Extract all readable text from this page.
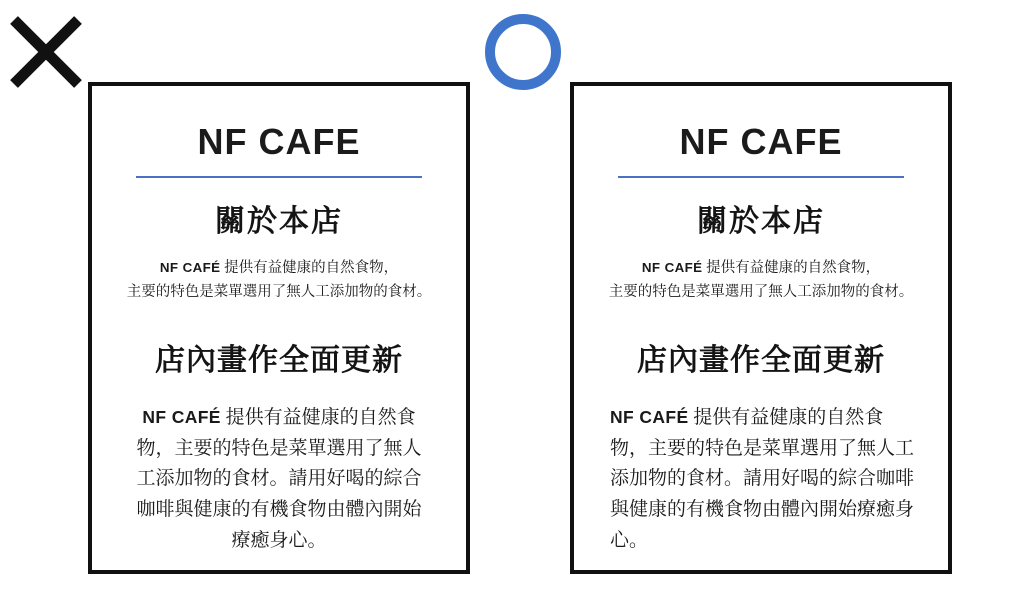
NF CAFE
關於本店

NF CAFÉ 提供有益健康的自然食物，
主要的特色是菜單選用了無人工添加物的食材。

店內畫作全面更新

NF CAFÉ 提供有益健康的自然食物，主要的特色是菜單選用了無人工添加物的食材。請用好喝的綜合咖啡與健康的有機食物由體內開始療癒身心。

NF CAFE
關於本店

NF CAFÉ 提供有益健康的自然食物，
主要的特色是菜單選用了無人工添加物的食材。

店內畫作全面更新

NF CAFÉ 提供有益健康的自然食物，主要的特色是菜單選用了無人工添加物的食材。請用好喝的綜合咖啡與健康的有機食物由體內開始療癒身心。
